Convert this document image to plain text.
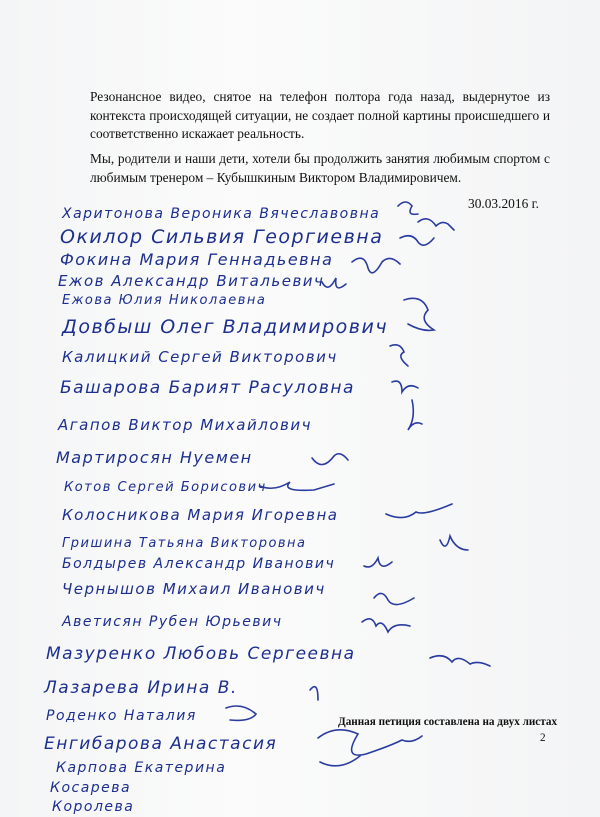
Резонансное видео, снятое на телефон полтора года назад, выдернутое из контекста происходящей ситуации, не создает полной картины происшедшего и соответственно искажает реальность.
Мы, родители и наши дети, хотели бы продолжить занятия любимым спортом с любимым тренером – Кубышкиным Виктором Владимировичем.
30.03.2016 г.
Харитонова Вероника Вячеславовна
Окилор Сильвия Георгиевна
Фокина Мария Геннадьевна
Ежов Александр Витальевич
Ежова Юлия Николаевна
Довбыш Олег Владимирович
Калицкий Сергей Викторович
Башарова Барият Расуловна
Агапов Виктор Михайлович
Мартиросян Нуемен
Котов Сергей Борисович
Колосникова Мария Игоревна
Гришина Татьяна Викторовна
Болдырев Александр Иванович
Чернышов Михаил Иванович
Аветисян Рубен Юрьевич
Мазуренко Любовь Сергеевна
Лазарева Ирина В.
Роденко Наталия
Енгибарова Анастасия
Карпова Екатерина
Косарева
Королева
Данная петиция составлена на двух листах
2
